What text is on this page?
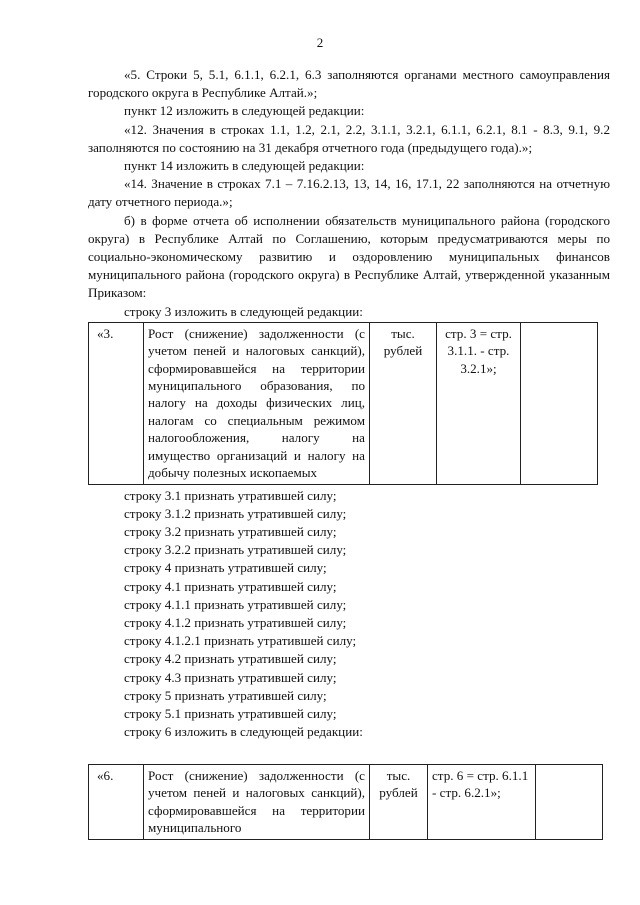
2

«5. Строки 5, 5.1, 6.1.1, 6.2.1, 6.3 заполняются органами местного самоуправления городского округа в Республике Алтай.»;

пункт 12 изложить в следующей редакции:

«12. Значения в строках 1.1, 1.2, 2.1, 2.2, 3.1.1, 3.2.1, 6.1.1, 6.2.1, 8.1 - 8.3, 9.1, 9.2 заполняются по состоянию на 31 декабря отчетного года (предыдущего года).»;

пункт 14 изложить в следующей редакции:

«14. Значение в строках 7.1 – 7.16.2.13, 13, 14, 16, 17.1, 22 заполняются на отчетную дату отчетного периода.»;

б) в форме отчета об исполнении обязательств муниципального района (городского округа) в Республике Алтай по Соглашению, которым предусматриваются меры по социально-экономическому развитию и оздоровлению муниципальных финансов муниципального района (городского округа) в Республике Алтай, утвержденной указанным Приказом:

строку 3 изложить в следующей редакции:

«3.	Рост (снижение) задолженности (с учетом пеней и налоговых санкций), сформировавшейся на территории муниципального образования, по налогу на доходы физических лиц, налогам со специальным режимом налогообложения, налогу на имущество организаций и налогу на добычу полезных ископаемых	тыс. рублей	стр. 3 = стр. 3.1.1. - стр. 3.2.1»;	
строку 3.1 признать утратившей силу;
строку 3.1.2 признать утратившей силу;
строку 3.2 признать утратившей силу;
строку 3.2.2 признать утратившей силу;
строку 4 признать утратившей силу;
строку 4.1 признать утратившей силу;
строку 4.1.1 признать утратившей силу;
строку 4.1.2 признать утратившей силу;
строку 4.1.2.1 признать утратившей силу;
строку 4.2 признать утратившей силу;
строку 4.3 признать утратившей силу;
строку 5 признать утратившей силу;
строку 5.1 признать утратившей силу;

строку 6 изложить в следующей редакции:

«6.	Рост (снижение) задолженности (с учетом пеней и налоговых санкций), сформировавшейся на территории муниципального	тыс. рублей	стр. 6 = стр. 6.1.1 - стр. 6.2.1»;	
